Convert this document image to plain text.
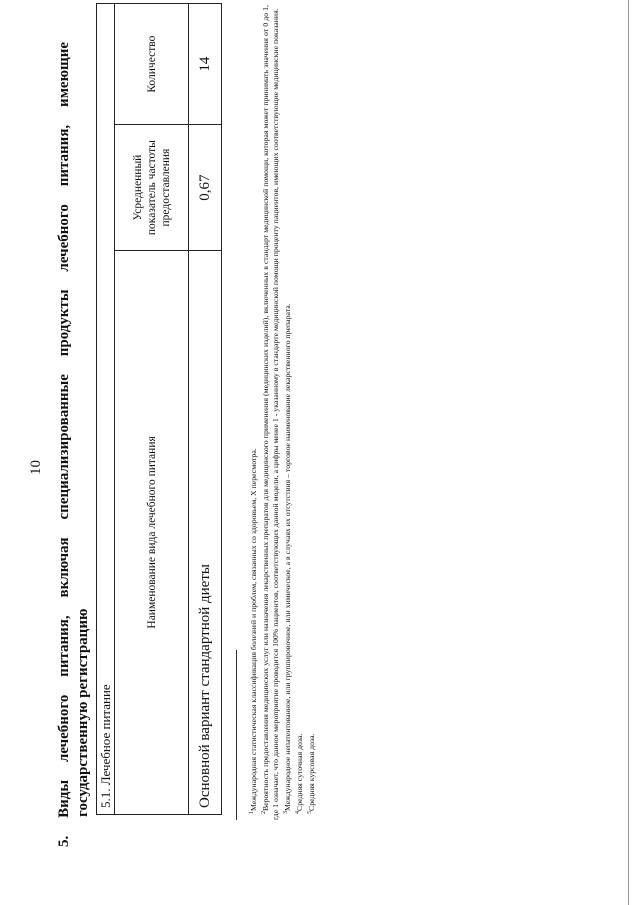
10 5. Виды лечебного питания, включая специализированные продукты лечебного питания, имеющие государственную регистрацию 5.1. Лечебное питание		
Наименование вида лечебного питания	Усредненный показатель частоты предоставления	Количество
Основной вариант стандартной диеты	0,67	14

$^1$Международная статистическая классификация болезней и проблем, связанных со здоровьем, X пересмотра.

$^2$Вероятность предоставления медицинских услуг или назначения лекарственных препаратов для медицинского применения (медицинских изделий), включенных в стандарт медицинской помощи, которая может принимать значения от 0 до 1, где 1 означает, что данное мероприятие проводится 100% пациентов, соответствующих данной модели, а цифры менее 1 - указанному в стандарте медицинской помощи проценту пациентов, имеющих соответствующие медицинские показания. $^3$Международное непатентованное, или группировочное, или химическое, а в случаях их отсутствия – торговое наименование лекарственного препарата.

$^4$Средняя суточная доза.

$^5$Средняя курсовая доза.
